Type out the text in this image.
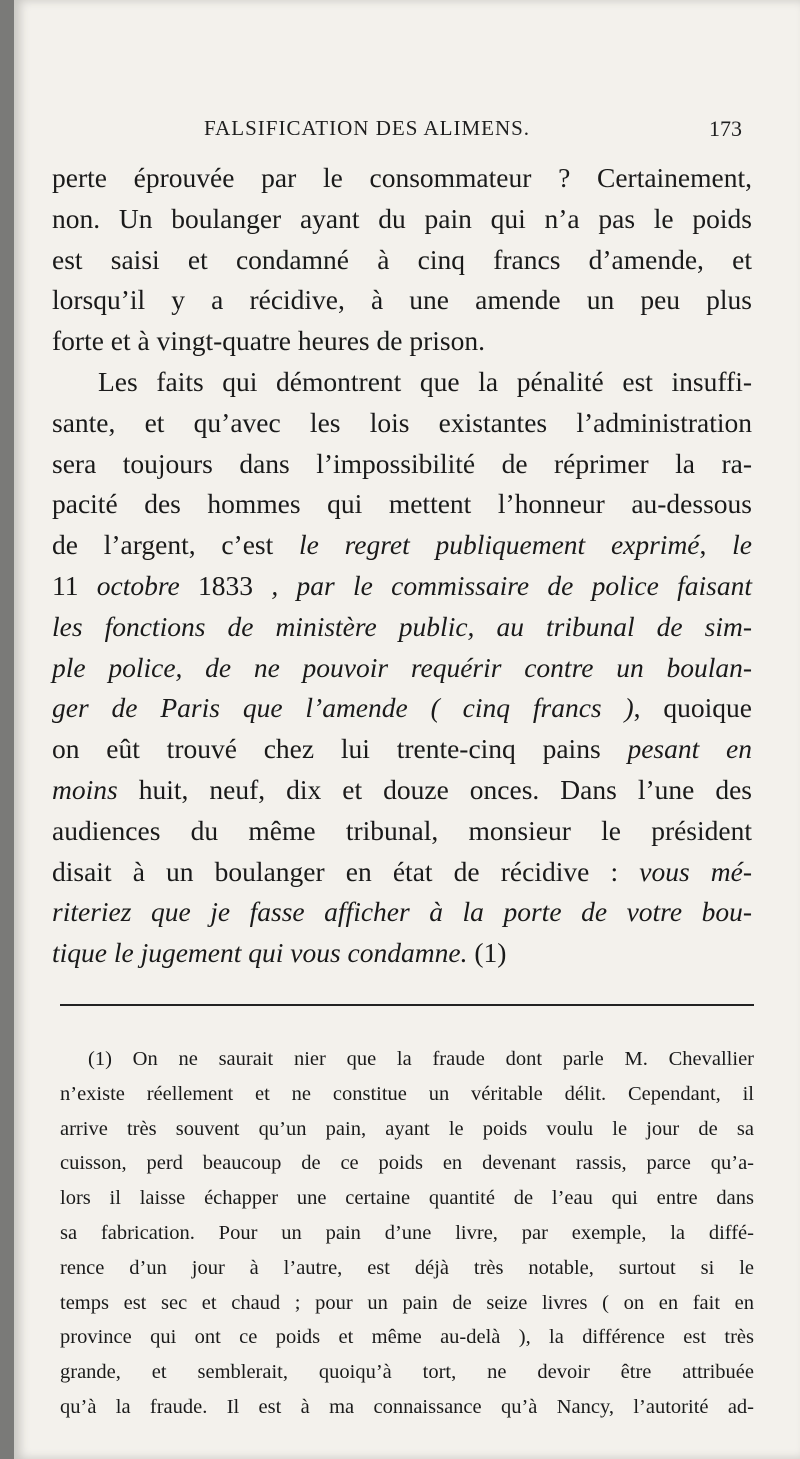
FALSIFICATION DES ALIMENS.	173
perte éprouvée par le consommateur ? Certainement,
non. Un boulanger ayant du pain qui n’a pas le poids
est saisi et condamné à cinq francs d’amende, et
lorsqu’il y a récidive, à une amende un peu plus
forte et à vingt-quatre heures de prison.
Les faits qui démontrent que la pénalité est insuffi-
sante, et qu’avec les lois existantes l’administration
sera toujours dans l’impossibilité de réprimer la ra-
pacité des hommes qui mettent l’honneur au-dessous
de l’argent, c’est le regret publiquement exprimé, le
11 octobre 1833 , par le commissaire de police faisant
les fonctions de ministère public, au tribunal de sim-
ple police, de ne pouvoir requérir contre un boulan-
ger de Paris que l’amende ( cinq francs ), quoique
on eût trouvé chez lui trente-cinq pains pesant en
moins huit, neuf, dix et douze onces. Dans l’une des
audiences du même tribunal, monsieur le président
disait à un boulanger en état de récidive : vous mé-
riteriez que je fasse afficher à la porte de votre bou-
tique le jugement qui vous condamne. (1)
(1) On ne saurait nier que la fraude dont parle M. Chevallier
n’existe réellement et ne constitue un véritable délit. Cependant, il
arrive très souvent qu’un pain, ayant le poids voulu le jour de sa
cuisson, perd beaucoup de ce poids en devenant rassis, parce qu’a-
lors il laisse échapper une certaine quantité de l’eau qui entre dans
sa fabrication. Pour un pain d’une livre, par exemple, la diffé-
rence d’un jour à l’autre, est déjà très notable, surtout si le
temps est sec et chaud ; pour un pain de seize livres ( on en fait en
province qui ont ce poids et même au-delà ), la différence est très
grande, et semblerait, quoiqu’à tort, ne devoir être attribuée
qu’à la fraude. Il est à ma connaissance qu’à Nancy, l’autorité ad-
